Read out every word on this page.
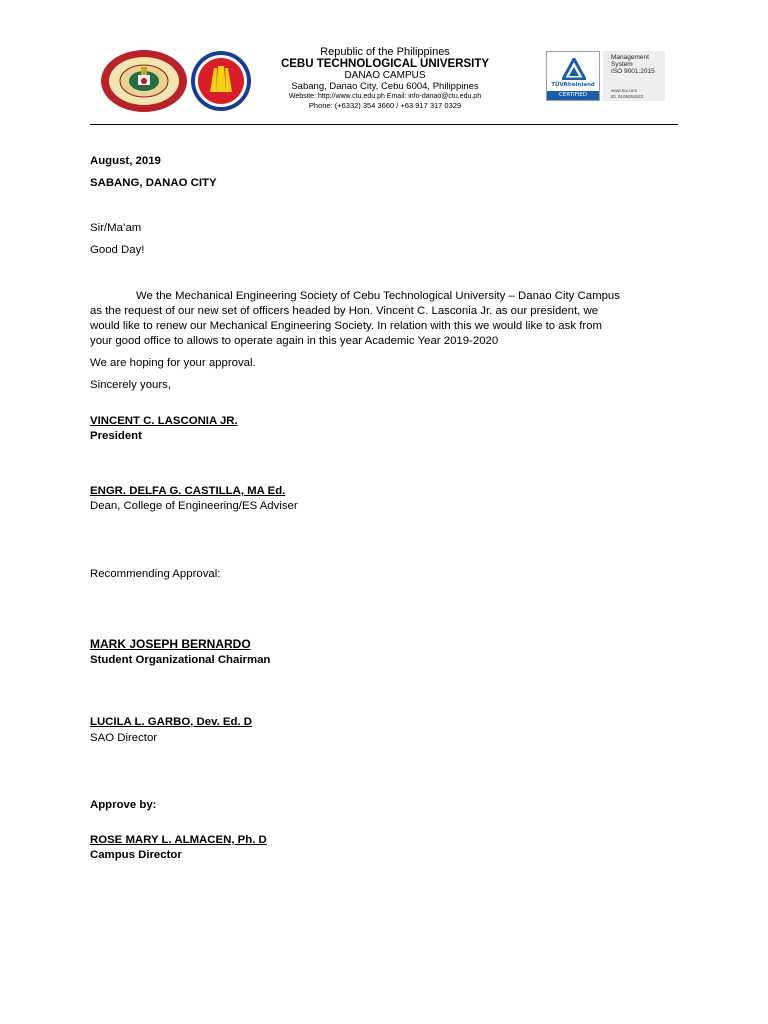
Republic of the Philippines
CEBU TECHNOLOGICAL UNIVERSITY
DANAO CAMPUS
Sabang, Danao City, Cebu 6004, Philippines
Website: http://www.ctu.edu.ph Email: info-danao@ctu.edu.ph
Phone: (+6332) 354 3660 / +63 917 317 0329
TÜVRheinland
CERTIFIED
Management
System
ISO 9001:2015
www.tuv.com
ID: 9105052623
August, 2019
SABANG, DANAO CITY
Sir/Ma’am
Good Day!
We the Mechanical Engineering Society of Cebu Technological University – Danao City Campus
as the request of our new set of officers headed by Hon. Vincent C. Lasconia Jr. as our president, we
would like to renew our Mechanical Engineering Society. In relation with this we would like to ask from
your good office to allows to operate again in this year Academic Year 2019-2020
We are hoping for your approval.
Sincerely yours,
VINCENT C. LASCONIA JR.
President
ENGR. DELFA G. CASTILLA, MA Ed.
Dean, College of Engineering/ES Adviser
Recommending Approval:
MARK JOSEPH BERNARDO
Student Organizational Chairman
LUCILA L. GARBO, Dev. Ed. D
SAO Director
Approve by:
ROSE MARY L. ALMACEN, Ph. D
Campus Director
